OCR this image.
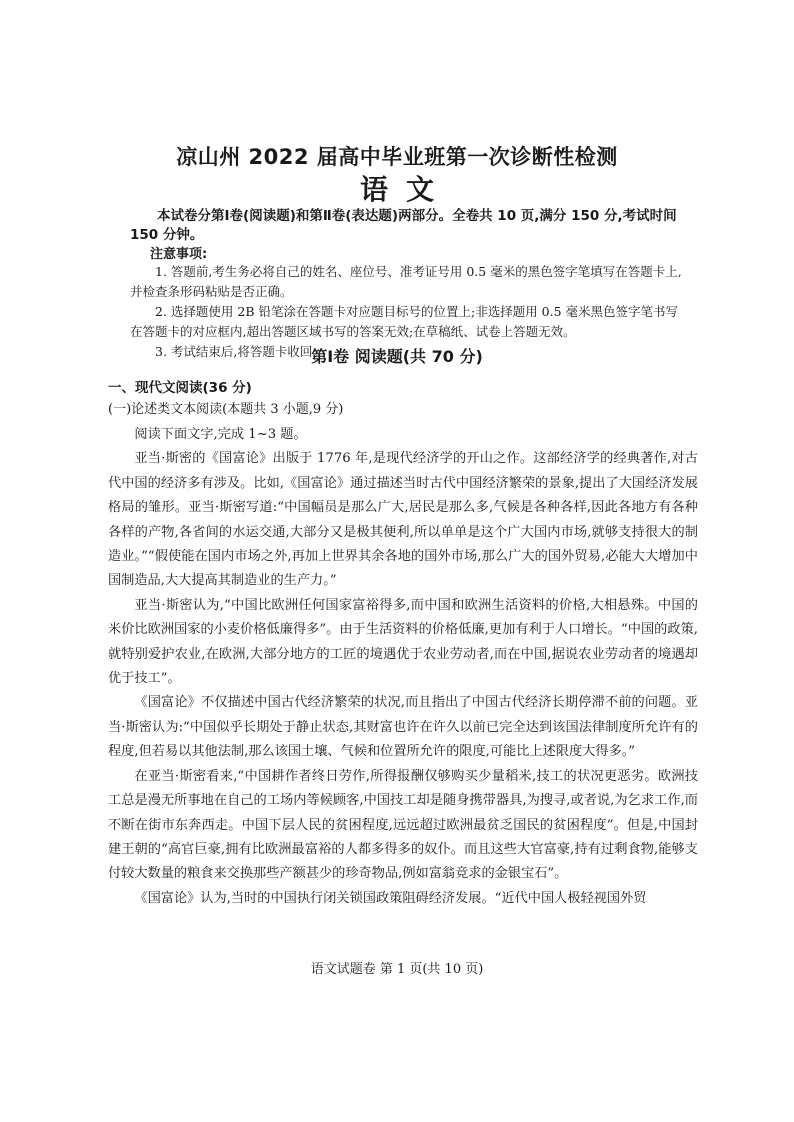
凉山州 2022 届高中毕业班第一次诊断性检测
语文

本试卷分第Ⅰ卷(阅读题)和第Ⅱ卷(表达题)两部分。全卷共 10 页,满分 150 分,考试时间 150 分钟。

注意事项:

1. 答题前,考生务必将自己的姓名、座位号、准考证号用 0.5 毫米的黑色签字笔填写在答题卡上,并检查条形码粘贴是否正确。
2. 选择题使用 2B 铅笔涂在答题卡对应题目标号的位置上;非选择题用 0.5 毫米黑色签字笔书写在答题卡的对应框内,超出答题区域书写的答案无效;在草稿纸、试卷上答题无效。
3. 考试结束后,将答题卡收回。
第Ⅰ卷 阅读题(共 70 分)

一、现代文阅读(36 分)

(一)论述类文本阅读(本题共 3 小题,9 分)

阅读下面文字,完成 1~3 题。

亚当·斯密的《国富论》出版于 1776 年,是现代经济学的开山之作。这部经济学的经典著作,对古代中国的经济多有涉及。比如,《国富论》通过描述当时古代中国经济繁荣的景象,提出了大国经济发展格局的雏形。亚当·斯密写道:“中国幅员是那么广大,居民是那么多,气候是各种各样,因此各地方有各种各样的产物,各省间的水运交通,大部分又是极其便利,所以单单是这个广大国内市场,就够支持很大的制造业。”“假使能在国内市场之外,再加上世界其余各地的国外市场,那么广大的国外贸易,必能大大增加中国制造品,大大提高其制造业的生产力。”

亚当·斯密认为,“中国比欧洲任何国家富裕得多,而中国和欧洲生活资料的价格,大相悬殊。中国的米价比欧洲国家的小麦价格低廉得多”。由于生活资料的价格低廉,更加有利于人口增长。“中国的政策,就特别爱护农业,在欧洲,大部分地方的工匠的境遇优于农业劳动者,而在中国,据说农业劳动者的境遇却优于技工”。

《国富论》不仅描述中国古代经济繁荣的状况,而且指出了中国古代经济长期停滞不前的问题。亚当·斯密认为:“中国似乎长期处于静止状态,其财富也许在许久以前已完全达到该国法律制度所允许有的程度,但若易以其他法制,那么该国土壤、气候和位置所允许的限度,可能比上述限度大得多。”

在亚当·斯密看来,“中国耕作者终日劳作,所得报酬仅够购买少量稻米,技工的状况更恶劣。欧洲技工总是漫无所事地在自己的工场内等候顾客,中国技工却是随身携带器具,为搜寻,或者说,为乞求工作,而不断在街市东奔西走。中国下层人民的贫困程度,远远超过欧洲最贫乏国民的贫困程度”。但是,中国封建王朝的“高官巨豪,拥有比欧洲最富裕的人都多得多的奴仆。而且这些大官富豪,持有过剩食物,能够支付较大数量的粮食来交换那些产额甚少的珍奇物品,例如富翁竞求的金银宝石”。

《国富论》认为,当时的中国执行闭关锁国政策阻碍经济发展。“近代中国人极轻视国外贸

语文试题卷 第 1 页(共 10 页)
